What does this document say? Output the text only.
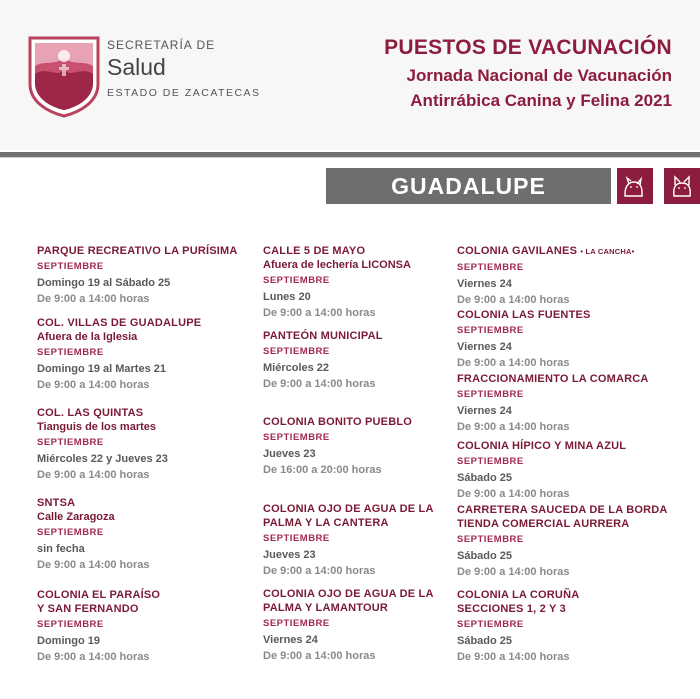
SECRETARÍA DE
Salud
ESTADO DE ZACATECAS
PUESTOS DE VACUNACIÓN
Jornada Nacional de Vacunación
Antirrábica Canina y Felina 2021
GUADALUPE
PARQUE RECREATIVO LA PURÍSIMA
SEPTIEMBRE
Domingo 19 al Sábado 25
De 9:00 a 14:00 horas
COL. VILLAS DE GUADALUPE
Afuera de la Iglesia
SEPTIEMBRE
Domingo 19 al Martes 21
De 9:00 a 14:00 horas
COL. LAS QUINTAS
Tianguis de los martes
SEPTIEMBRE
Miércoles 22 y Jueves 23
De 9:00 a 14:00 horas
SNTSA
Calle Zaragoza
SEPTIEMBRE
sin fecha
De 9:00 a 14:00 horas
COLONIA EL PARAÍSO
Y SAN FERNANDO
SEPTIEMBRE
Domingo 19
De 9:00 a 14:00 horas
CALLE 5 DE MAYO
Afuera de lechería LICONSA
SEPTIEMBRE
Lunes 20
De 9:00 a 14:00 horas
PANTEÓN MUNICIPAL
SEPTIEMBRE
Miércoles 22
De 9:00 a 14:00 horas
COLONIA BONITO PUEBLO
SEPTIEMBRE
Jueves 23
De 16:00 a 20:00 horas
COLONIA OJO DE AGUA DE LA
PALMA Y LA CANTERA
SEPTIEMBRE
Jueves 23
De 9:00 a 14:00 horas
COLONIA OJO DE AGUA DE LA
PALMA Y LAMANTOUR
SEPTIEMBRE
Viernes 24
De 9:00 a 14:00 horas
COLONIA GAVILANES • LA CANCHA•
SEPTIEMBRE
Viernes 24
De 9:00 a 14:00 horas
COLONIA LAS FUENTES
SEPTIEMBRE
Viernes 24
De 9:00 a 14:00 horas
FRACCIONAMIENTO LA COMARCA
SEPTIEMBRE
Viernes 24
De 9:00 a 14:00 horas
COLONIA HÍPICO Y MINA AZUL
SEPTIEMBRE
Sábado 25
De 9:00 a 14:00 horas
CARRETERA SAUCEDA DE LA BORDA
TIENDA COMERCIAL AURRERA
SEPTIEMBRE
Sábado 25
De 9:00 a 14:00 horas
COLONIA LA CORUÑA
SECCIONES 1, 2 Y 3
SEPTIEMBRE
Sábado 25
De 9:00 a 14:00 horas
